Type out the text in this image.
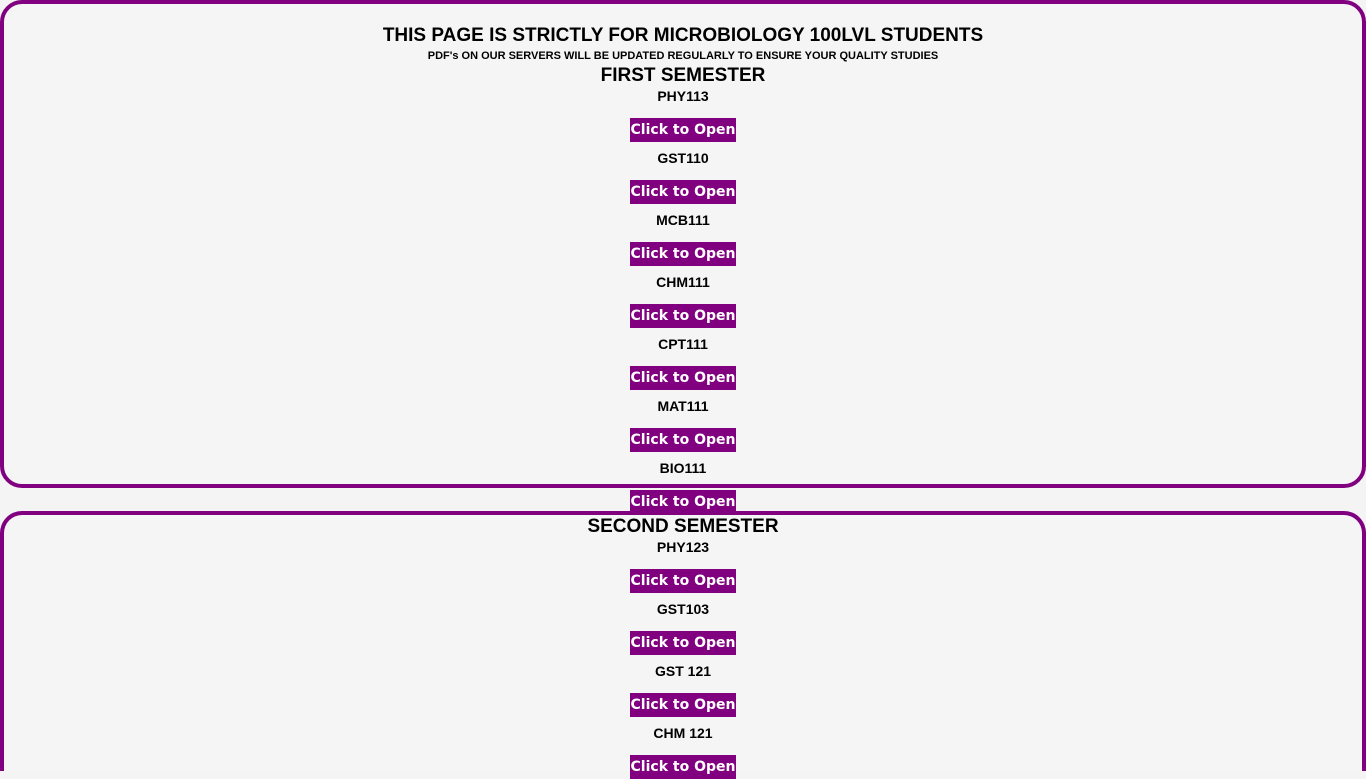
THIS PAGE IS STRICTLY FOR MICROBIOLOGY 100LVL STUDENTS
PDF's ON OUR SERVERS WILL BE UPDATED REGULARLY TO ENSURE YOUR QUALITY STUDIES
FIRST SEMESTER
PHY113
Click to Open
GST110
Click to Open
MCB111
Click to Open
CHM111
Click to Open
CPT111
Click to Open
MAT111
Click to Open
BIO111
Click to Open
SECOND SEMESTER
PHY123
Click to Open
GST103
Click to Open
GST 121
Click to Open
CHM 121
Click to Open
